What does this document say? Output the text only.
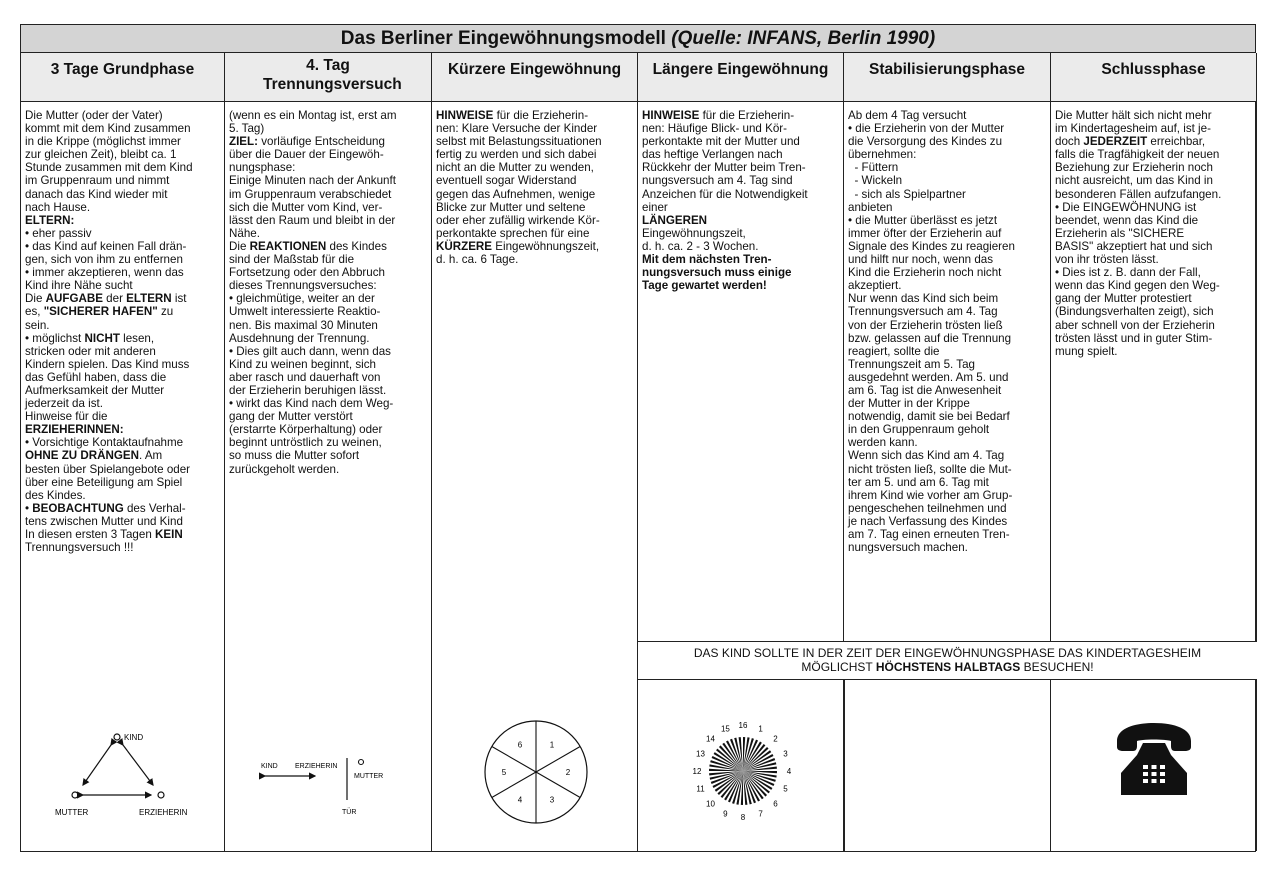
Das Berliner Eingewöhnungsmodell (Quelle: INFANS, Berlin 1990)
3 Tage Grundphase

Die Mutter (oder der Vater)

kommt mit dem Kind zusammen

in die Krippe (möglichst immer

zur gleichen Zeit), bleibt ca. 1

Stunde zusammen mit dem Kind

im Gruppenraum und nimmt

danach das Kind wieder mit

nach Hause.

ELTERN:

• eher passiv

• das Kind auf keinen Fall drän-

gen, sich von ihm zu entfernen

• immer akzeptieren, wenn das

Kind ihre Nähe sucht

Die AUFGABE der ELTERN ist

es, "SICHERER HAFEN" zu

sein.

• möglichst NICHT lesen,

stricken oder mit anderen

Kindern spielen. Das Kind muss

das Gefühl haben, dass die

Aufmerksamkeit der Mutter

jederzeit da ist.

Hinweise für die

ERZIEHERINNEN:

• Vorsichtige Kontaktaufnahme

OHNE ZU DRÄNGEN. Am

besten über Spielangebote oder

über eine Beteiligung am Spiel

des Kindes.

• BEOBACHTUNG des Verhal-

tens zwischen Mutter und Kind

In diesen ersten 3 Tagen KEIN

Trennungsversuch !!!

4. Tag Trennungsversuch

(wenn es ein Montag ist, erst am

5. Tag)

ZIEL: vorläufige Entscheidung

über die Dauer der Eingewöh-

nungsphase:

Einige Minuten nach der Ankunft

im Gruppenraum verabschiedet

sich die Mutter vom Kind, ver-

lässt den Raum und bleibt in der

Nähe.

Die REAKTIONEN des Kindes

sind der Maßstab für die

Fortsetzung oder den Abbruch

dieses Trennungsversuches:

• gleichmütige, weiter an der

Umwelt interessierte Reaktio-

nen. Bis maximal 30 Minuten

Ausdehnung der Trennung.

• Dies gilt auch dann, wenn das

Kind zu weinen beginnt, sich

aber rasch und dauerhaft von

der Erzieherin beruhigen lässt.

• wirkt das Kind nach dem Weg-

gang der Mutter verstört

(erstarrte Körperhaltung) oder

beginnt untröstlich zu weinen,

so muss die Mutter sofort

zurückgeholt werden.

Kürzere Eingewöhnung

HINWEISE für die Erzieherin-

nen: Klare Versuche der Kinder

selbst mit Belastungssituationen

fertig zu werden und sich dabei

nicht an die Mutter zu wenden,

eventuell sogar Widerstand

gegen das Aufnehmen, wenige

Blicke zur Mutter und seltene

oder eher zufällig wirkende Kör-

perkontakte sprechen für eine

KÜRZERE Eingewöhnungszeit,

d. h. ca. 6 Tage.

Längere Eingewöhnung

HINWEISE für die Erzieherin-

nen: Häufige Blick- und Kör-

perkontakte mit der Mutter und

das heftige Verlangen nach

Rückkehr der Mutter beim Tren-

nungsversuch am 4. Tag sind

Anzeichen für die Notwendigkeit

einer

LÄNGEREN

Eingewöhnungszeit,

d. h. ca. 2 - 3 Wochen.

Mit dem nächsten Tren-

nungsversuch muss einige

Tage gewartet werden!

Stabilisierungsphase

Ab dem 4 Tag versucht

• die Erzieherin von der Mutter

die Versorgung des Kindes zu

übernehmen:

- Füttern

- Wickeln

- sich als Spielpartner

anbieten

• die Mutter überlässt es jetzt

immer öfter der Erzieherin auf

Signale des Kindes zu reagieren

und hilft nur noch, wenn das

Kind die Erzieherin noch nicht

akzeptiert.

Nur wenn das Kind sich beim

Trennungsversuch am 4. Tag

von der Erzieherin trösten ließ

bzw. gelassen auf die Trennung

reagiert, sollte die

Trennungszeit am 5. Tag

ausgedehnt werden. Am 5. und

am 6. Tag ist die Anwesenheit

der Mutter in der Krippe

notwendig, damit sie bei Bedarf

in den Gruppenraum geholt

werden kann.

Wenn sich das Kind am 4. Tag

nicht trösten ließ, sollte die Mut-

ter am 5. und am 6. Tag mit

ihrem Kind wie vorher am Grup-

pengeschehen teilnehmen und

je nach Verfassung des Kindes

am 7. Tag einen erneuten Tren-

nungsversuch machen.

Schlussphase

Die Mutter hält sich nicht mehr

im Kindertagesheim auf, ist je-

doch JEDERZEIT erreichbar,

falls die Tragfähigkeit der neuen

Beziehung zur Erzieherin noch

nicht ausreicht, um das Kind in

besonderen Fällen aufzufangen.

• Die EINGEWÖHNUNG ist

beendet, wenn das Kind die

Erzieherin als "SICHERE

BASIS" akzeptiert hat und sich

von ihr trösten lässt.

• Dies ist z. B. dann der Fall,

wenn das Kind gegen den Weg-

gang der Mutter protestiert

(Bindungsverhalten zeigt), sich

aber schnell von der Erzieherin

trösten lässt und in guter Stim-

mung spielt.

DAS KIND SOLLTE IN DER ZEIT DER EINGEWÖHNUNGSPHASE DAS KINDERTAGESHEIM
MÖGLICHST HÖCHSTENS HALBTAGS BESUCHEN!
KIND
MUTTER	ERZIEHERIN
KIND ERZIEHERIN
MUTTER
TÜR
1
2
3
4
5
6
1
2
3
4
5
6
7
8
9
10
11
12
13
14
15 16
